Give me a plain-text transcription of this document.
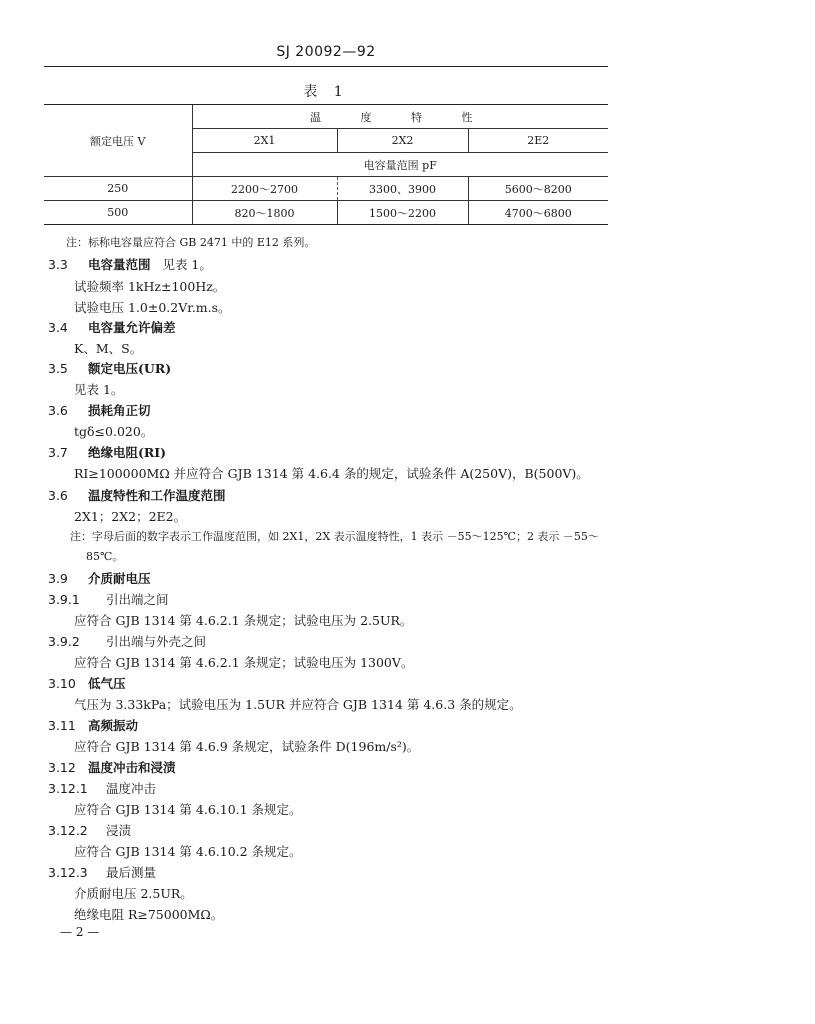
SJ 20092—92
表 1
额定电压 V	温 度 特 性		
	2X1	2X2	2E2
	电容量范围 pF		
250	2200～2700	3300、3900	5600～8200
500	820～1800	1500～2200	4700～6800
注：标称电容量应符合 GB 2471 中的 E12 系列。
3.3 电容量范围 见表 1。
试验频率 1kHz±100Hz。
试验电压 1.0±0.2Vr.m.s。
3.4 电容量允许偏差
K、M、S。
3.5 额定电压(UR)
见表 1。
3.6 损耗角正切
tgδ≤0.020。
3.7 绝缘电阻(RI)
RI≥100000MΩ 并应符合 GJB 1314 第 4.6.4 条的规定，试验条件 A(250V)，B(500V)。
3.6 温度特性和工作温度范围
2X1；2X2；2E2。
注：字母后面的数字表示工作温度范围，如 2X1，2X 表示温度特性，1 表示 －55～125℃；2 表示 －55～
85℃。
3.9 介质耐电压
3.9.1 引出端之间
应符合 GJB 1314 第 4.6.2.1 条规定；试验电压为 2.5UR。
3.9.2 引出端与外壳之间
应符合 GJB 1314 第 4.6.2.1 条规定；试验电压为 1300V。
3.10 低气压
气压为 3.33kPa；试验电压为 1.5UR 并应符合 GJB 1314 第 4.6.3 条的规定。
3.11 高频振动
应符合 GJB 1314 第 4.6.9 条规定，试验条件 D(196m/s²)。
3.12 温度冲击和浸渍
3.12.1 温度冲击
应符合 GJB 1314 第 4.6.10.1 条规定。
3.12.2 浸渍
应符合 GJB 1314 第 4.6.10.2 条规定。
3.12.3 最后测量
介质耐电压 2.5UR。
绝缘电阻 R≥75000MΩ。
— 2 —
